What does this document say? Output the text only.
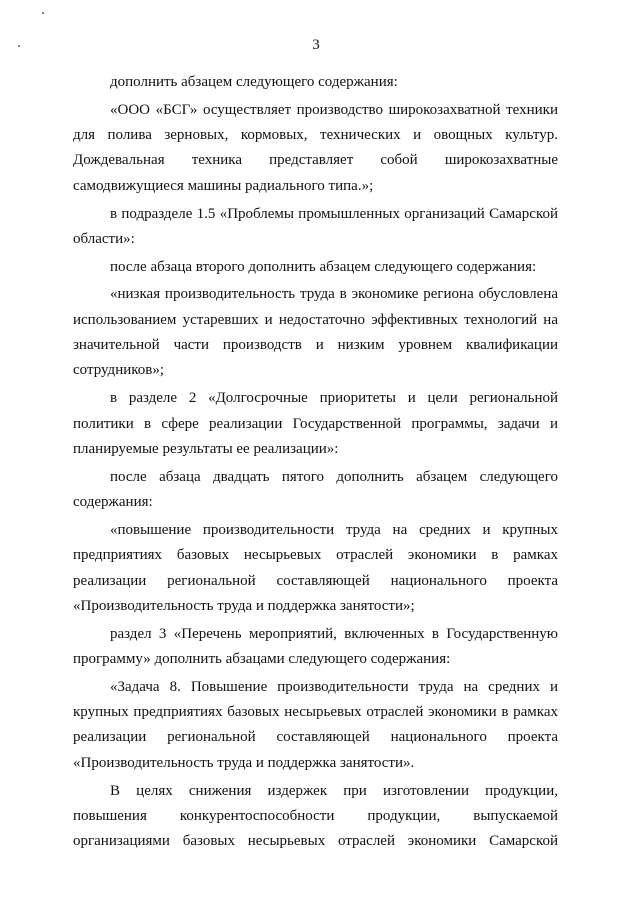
3
дополнить абзацем следующего содержания:
«ООО «БСГ» осуществляет производство широкозахватной техники
для полива зерновых, кормовых, технических и овощных культур.
Дождевальная техника представляет собой широкозахватные
самодвижущиеся машины радиального типа.»;
в подразделе 1.5 «Проблемы промышленных организаций Самарской
области»:
после абзаца второго дополнить абзацем следующего содержания:
«низкая производительность труда в экономике региона обусловлена
использованием устаревших и недостаточно эффективных технологий на
значительной части производств и низким уровнем квалификации
сотрудников»;
в разделе 2 «Долгосрочные приоритеты и цели региональной
политики в сфере реализации Государственной программы, задачи и
планируемые результаты ее реализации»:
после абзаца двадцать пятого дополнить абзацем следующего
содержания:
«повышение производительности труда на средних и крупных
предприятиях базовых несырьевых отраслей экономики в рамках
реализации региональной составляющей национального проекта
«Производительность труда и поддержка занятости»;
раздел 3 «Перечень мероприятий, включенных в Государственную
программу» дополнить абзацами следующего содержания:
«Задача 8. Повышение производительности труда на средних и
крупных предприятиях базовых несырьевых отраслей экономики в рамках
реализации региональной составляющей национального проекта
«Производительность труда и поддержка занятости».
В целях снижения издержек при изготовлении продукции,
повышения конкурентоспособности продукции, выпускаемой
организациями базовых несырьевых отраслей экономики Самарской
